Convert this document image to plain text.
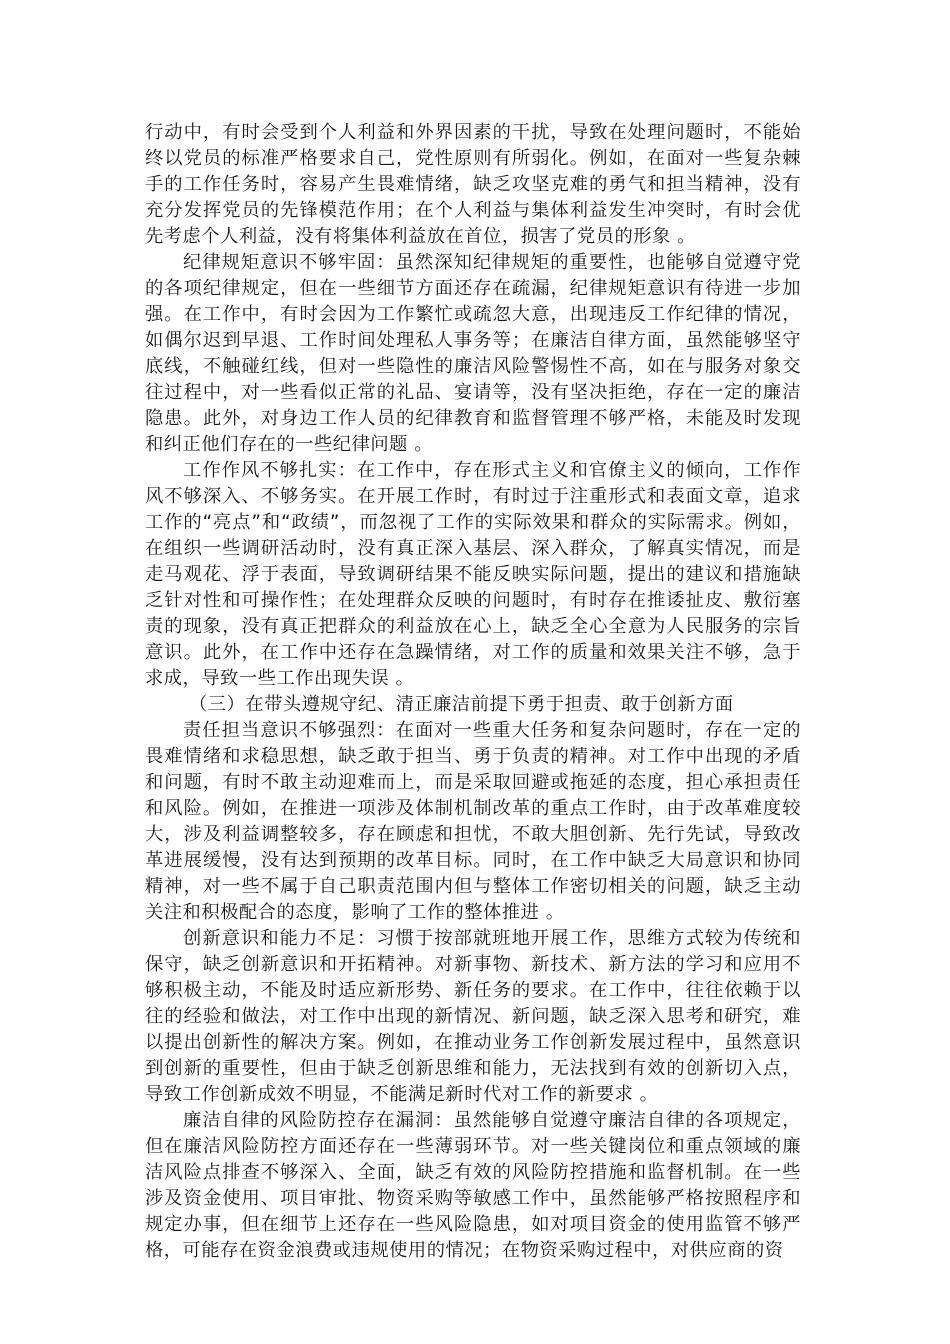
行动中，有时会受到个人利益和外界因素的干扰，导致在处理问题时，不能始终以党员的标准严格要求自己，党性原则有所弱化。例如，在面对一些复杂棘手的工作任务时，容易产生畏难情绪，缺乏攻坚克难的勇气和担当精神，没有充分发挥党员的先锋模范作用；在个人利益与集体利益发生冲突时，有时会优先考虑个人利益，没有将集体利益放在首位，损害了党员的形象 。

纪律规矩意识不够牢固：虽然深知纪律规矩的重要性，也能够自觉遵守党的各项纪律规定，但在一些细节方面还存在疏漏，纪律规矩意识有待进一步加强。在工作中，有时会因为工作繁忙或疏忽大意，出现违反工作纪律的情况，如偶尔迟到早退、工作时间处理私人事务等；在廉洁自律方面，虽然能够坚守底线，不触碰红线，但对一些隐性的廉洁风险警惕性不高，如在与服务对象交往过程中，对一些看似正常的礼品、宴请等，没有坚决拒绝，存在一定的廉洁隐患。此外，对身边工作人员的纪律教育和监督管理不够严格，未能及时发现和纠正他们存在的一些纪律问题 。

工作作风不够扎实：在工作中，存在形式主义和官僚主义的倾向，工作作风不够深入、不够务实。在开展工作时，有时过于注重形式和表面文章，追求工作的“亮点”和“政绩”，而忽视了工作的实际效果和群众的实际需求。例如，在组织一些调研活动时，没有真正深入基层、深入群众，了解真实情况，而是走马观花、浮于表面，导致调研结果不能反映实际问题，提出的建议和措施缺乏针对性和可操作性；在处理群众反映的问题时，有时存在推诿扯皮、敷衍塞责的现象，没有真正把群众的利益放在心上，缺乏全心全意为人民服务的宗旨意识。此外，在工作中还存在急躁情绪，对工作的质量和效果关注不够，急于求成，导致一些工作出现失误 。

（三）在带头遵规守纪、清正廉洁前提下勇于担责、敢于创新方面

责任担当意识不够强烈：在面对一些重大任务和复杂问题时，存在一定的畏难情绪和求稳思想，缺乏敢于担当、勇于负责的精神。对工作中出现的矛盾和问题，有时不敢主动迎难而上，而是采取回避或拖延的态度，担心承担责任和风险。例如，在推进一项涉及体制机制改革的重点工作时，由于改革难度较大，涉及利益调整较多，存在顾虑和担忧，不敢大胆创新、先行先试，导致改革进展缓慢，没有达到预期的改革目标。同时，在工作中缺乏大局意识和协同精神，对一些不属于自己职责范围内但与整体工作密切相关的问题，缺乏主动关注和积极配合的态度，影响了工作的整体推进 。

创新意识和能力不足：习惯于按部就班地开展工作，思维方式较为传统和保守，缺乏创新意识和开拓精神。对新事物、新技术、新方法的学习和应用不够积极主动，不能及时适应新形势、新任务的要求。在工作中，往往依赖于以往的经验和做法，对工作中出现的新情况、新问题，缺乏深入思考和研究，难以提出创新性的解决方案。例如，在推动业务工作创新发展过程中，虽然意识到创新的重要性，但由于缺乏创新思维和能力，无法找到有效的创新切入点，导致工作创新成效不明显，不能满足新时代对工作的新要求 。

廉洁自律的风险防控存在漏洞：虽然能够自觉遵守廉洁自律的各项规定，但在廉洁风险防控方面还存在一些薄弱环节。对一些关键岗位和重点领域的廉洁风险点排查不够深入、全面，缺乏有效的风险防控措施和监督机制。在一些涉及资金使用、项目审批、物资采购等敏感工作中，虽然能够严格按照程序和规定办事，但在细节上还存在一些风险隐患，如对项目资金的使用监管不够严格，可能存在资金浪费或违规使用的情况；在物资采购过程中，对供应商的资
